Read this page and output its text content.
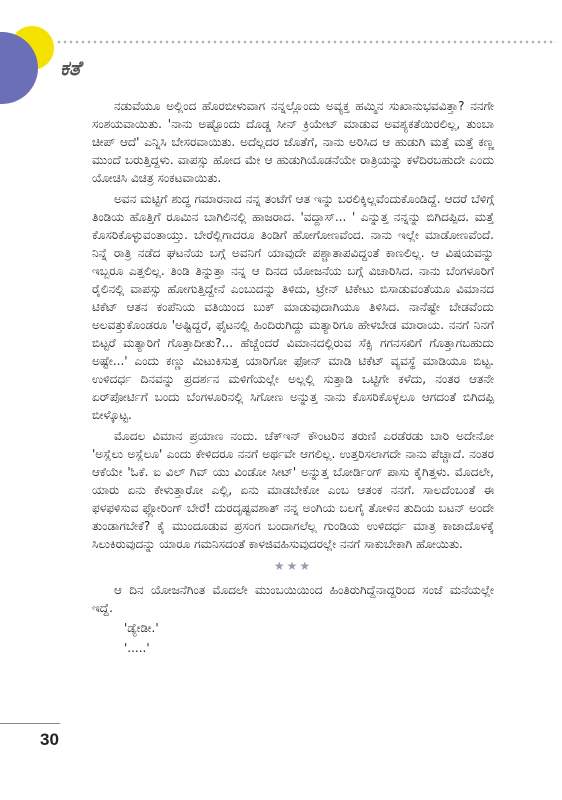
ಕತೆ

ನಡುವೆಯೂ ಅಲ್ಲಿಂದ ಹೊರಬೀಳುವಾಗ ನನ್ನಲ್ಲೊಂದು ಅವ್ಯಕ್ತ ಹಮ್ಮಿನ ಸುಖಾನುಭವವಿತ್ತಾ? ನನಗೇ ಸಂಶಯವಾಯಿತು. 'ನಾನು ಅಷ್ಟೊಂದು ದೊಡ್ಡ ಸೀನ್ ಕ್ರಿಯೇಟ್ ಮಾಡುವ ಅವಶ್ಯಕತೆಯಿರಲಿಲ್ಲ, ತುಂಬಾ ಚೀಪ್ ಆದೆ' ಎನ್ನಿಸಿ ಬೇಸರವಾಯಿತು. ಅದೆಲ್ಲದರ ಜೊತೆಗೆ, ನಾನು ಅರಿಸಿದ ಆ ಹುಡುಗಿ ಮತ್ತೆ ಮತ್ತೆ ಕಣ್ಣ ಮುಂದೆ ಬರುತ್ತಿದ್ದಳು. ವಾಪಸ್ಸು ಹೋದ ಮೇ ಆ ಹುಡುಗಿಯೊಡನೆಯೇ ರಾತ್ರಿಯನ್ನು ಕಳೆದಿರಬಹುದೇ ಎಂದು ಯೋಚಿಸಿ ವಿಚಿತ್ರ ಸಂಕಟವಾಯಿತು.

ಅವನ ಮಟ್ಟಿಗೆ ಶುದ್ಧ ಗಮಾರನಾದ ನನ್ನ ತಂಟೆಗೆ ಆತ ಇನ್ನು ಬರಲಿಕ್ಕಿಲ್ಲವೆಂದುಕೊಂಡಿದ್ದೆ. ಆದರೆ ಬೆಳಿಗ್ಗೆ ತಿಂಡಿಯ ಹೊತ್ತಿಗೆ ರೂಮಿನ ಬಾಗಿಲಿನಲ್ಲಿ ಹಾಜರಾದ. 'ವದ್ದಾಸ್... ' ಎನ್ನುತ್ತ ನನ್ನನ್ನು ಬಿಗಿದಪ್ಪಿದ. ಮತ್ತೆ ಕೊಸರಿಕೊಳ್ಳುವಂತಾಯ್ತು. ಬೇರೆಲ್ಲಿಗಾದರೂ ತಿಂಡಿಗೆ ಹೋಗೋಣವೆಂದ. ನಾನು ಇಲ್ಲೇ ಮಾಡೋಣವೆಂದೆ. ನಿನ್ನೆ ರಾತ್ರಿ ನಡೆದ ಘಟನೆಯ ಬಗ್ಗೆ ಅವನಿಗೆ ಯಾವುದೇ ಪಶ್ಚಾತಾಪವಿದ್ದಂತೆ ಕಾಣಲಿಲ್ಲ. ಆ ವಿಷಯವನ್ನು ಇಬ್ಬರೂ ಎತ್ತಲಿಲ್ಲ. ತಿಂಡಿ ತಿನ್ನುತ್ತಾ ನನ್ನ ಆ ದಿನದ ಯೋಜನೆಯ ಬಗ್ಗೆ ವಿಚಾರಿಸಿದ. ನಾನು ಬೆಂಗಳೂರಿಗೆ ರೈಲಿನಲ್ಲಿ ವಾಪಸ್ಸು ಹೋಗುತ್ತಿದ್ದೇನೆ ಎಂಬುದನ್ನು ತಿಳಿದು, ಟ್ರೇನ್ ಟಿಕೇಟು ಬಿಸಾಡುವಂತೆಯೂ ವಿಮಾನದ ಟಿಕೆಟ್ ಆತನ ಕಂಪೆನಿಯ ವತಿಯಿಂದ ಬುಕ್ ಮಾಡುವುದಾಗಿಯೂ ತಿಳಿಸಿದ. ನಾನೆಷ್ಟೇ ಬೇಡವೆಂದು ಅಲವತ್ತುಕೊಂಡರೂ 'ಅಷ್ಟಿದ್ದರೆ, ಫೈಟನಲ್ಲಿ ಹಿಂದಿರುಗಿದ್ದು ಮತ್ಯಾರಿಗೂ ಹೇಳಬೇಡ ಮಾರಾಯ. ನನಗೆ ನಿನಗೆ ಬಿಟ್ಟರೆ ಮತ್ಯಾರಿಗೆ ಗೊತ್ತಾದೀತು?... ಹೆಚ್ಚೆಂದರೆ ವಿಮಾನದಲ್ಲಿರುವ ಸೆಕ್ಸಿ ಗಗನಸಖಿಗೆ ಗೊತ್ತಾಗಬಹುದು ಅಷ್ಟೇ...' ಎಂದು ಕಣ್ಣು ಮಿಟುಕಿಸುತ್ತ ಯಾರಿಗೋ ಫೋನ್ ಮಾಡಿ ಟಿಕೆಟ್ ವ್ಯವಸ್ಥೆ ಮಾಡಿಯೂ ಬಿಟ್ಟ. ಉಳಿದರ್ಧ ದಿನವನ್ನು ಪ್ರದರ್ಶನ ಮಳಿಗೆಯಲ್ಲೇ ಅಲ್ಲಲ್ಲಿ ಸುತ್ತಾಡಿ ಒಟ್ಟಿಗೇ ಕಳೆದು, ನಂತರ ಆತನೇ ಏರ್‌ಪೋರ್ಟಿಗೆ ಬಂದು ಬೆಂಗಳೂರಿನಲ್ಲಿ ಸಿಗೋಣ ಅನ್ನುತ್ತ ನಾನು ಕೊಸರಿಕೊಳ್ಳಲೂ ಆಗದಂತೆ ಬಿಗಿದಪ್ಪಿ ಬೀಳ್ಕೊಟ್ಟ.

ಮೊದಲ ವಿಮಾನ ಪ್ರಯಾಣ ನಂದು. ಚೆಕ್‌ಇನ್ ಕೌಂಟರಿನ ತರುಣಿ ಎರಡೆರಡು ಬಾರಿ ಅದೇನೋ 'ಅಸ್ಲೆಲು ಅಸ್ಲೆಲೂ' ಎಂದು ಕೇಳಿದರೂ ನನಗೆ ಅರ್ಥವೇ ಆಗಲಿಲ್ಲ. ಉತ್ತರಿಸಲಾಗದೇ ನಾನು ಪೆಚ್ಚಾದೆ. ನಂತರ ಆಕೆಯೇ 'ಓಕೆ. ಐ ವಿಲ್ ಗಿವ್ ಯು ವಿಂಡೋ ಸೀಟ್' ಅನ್ನುತ್ತ ಬೋರ್ಡಿಂಗ್ ಪಾಸು ಕೈಗಿತ್ತಳು. ಮೊದಲೇ, ಯಾರು ಏನು ಕೇಳುತ್ತಾರೋ ಎಲ್ಲಿ, ಏನು ಮಾಡಬೇಕೋ ಎಂಬ ಆತಂಕ ನನಗೆ. ಸಾಲದೆಂಬಂತೆ ಈ ಫಳಫಳಿಸುವ ಫ್ಲೋರಿಂಗ್ ಬೇರೆ! ದುರದೃಷ್ಟವಶಾತ್ ನನ್ನ ಅಂಗಿಯ ಬಲಗೈ ತೋಳಿನ ತುದಿಯ ಬಟನ್ ಅಂದೇ ತುಂಡಾಗಬೇಕೆ? ಕೈ ಮುಂದೂಡುವ ಪ್ರಸಂಗ ಬಂದಾಗಲೆಲ್ಲ ಗುಂಡಿಯ ಉಳಿದರ್ಧ ಮಾತ್ರ ಕಾಜಾದೊಳಕ್ಕೆ ಸಿಲುಕಿರುವುದನ್ನು ಯಾರೂ ಗಮನಿಸದಂತೆ ಕಾಳಜಿವಹಿಸುವುದರಲ್ಲೇ ನನಗೆ ಸಾಕುಬೇಕಾಗಿ ಹೋಯಿತು.

★★★

ಆ ದಿನ ಯೋಜನೆಗಿಂತ ಮೊದಲೇ ಮುಂಬಯಿಯಿಂದ ಹಿಂತಿರುಗಿದ್ದೆನಾದ್ದರಿಂದ ಸಂಜೆ ಮನೆಯಲ್ಲೇ ಇದ್ದೆ.

'ಡ್ಯೇಡೀ.'

'.....'

30
